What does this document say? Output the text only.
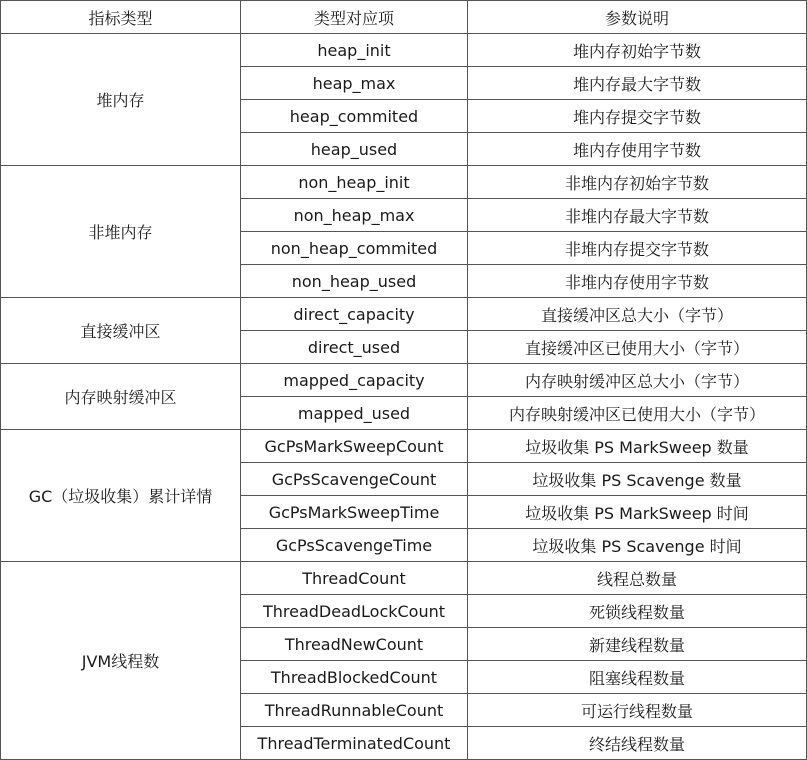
指标类型	类型对应项	参数说明
堆内存	heap_init	堆内存初始字节数
	heap_max	堆内存最大字节数
	heap_commited	堆内存提交字节数
	heap_used	堆内存使用字节数
非堆内存	non_heap_init	非堆内存初始字节数
	non_heap_max	非堆内存最大字节数
	non_heap_commited	非堆内存提交字节数
	non_heap_used	非堆内存使用字节数
直接缓冲区	direct_capacity	直接缓冲区总大小（字节）
	direct_used	直接缓冲区已使用大小（字节）
内存映射缓冲区	mapped_capacity	内存映射缓冲区总大小（字节）
	mapped_used	内存映射缓冲区已使用大小（字节）
GC（垃圾收集）累计详情	GcPsMarkSweepCount	垃圾收集 PS MarkSweep 数量
	GcPsScavengeCount	垃圾收集 PS Scavenge 数量
	GcPsMarkSweepTime	垃圾收集 PS MarkSweep 时间
	GcPsScavengeTime	垃圾收集 PS Scavenge 时间
JVM线程数	ThreadCount	线程总数量
	ThreadDeadLockCount	死锁线程数量
	ThreadNewCount	新建线程数量
	ThreadBlockedCount	阻塞线程数量
	ThreadRunnableCount	可运行线程数量
	ThreadTerminatedCount	终结线程数量
